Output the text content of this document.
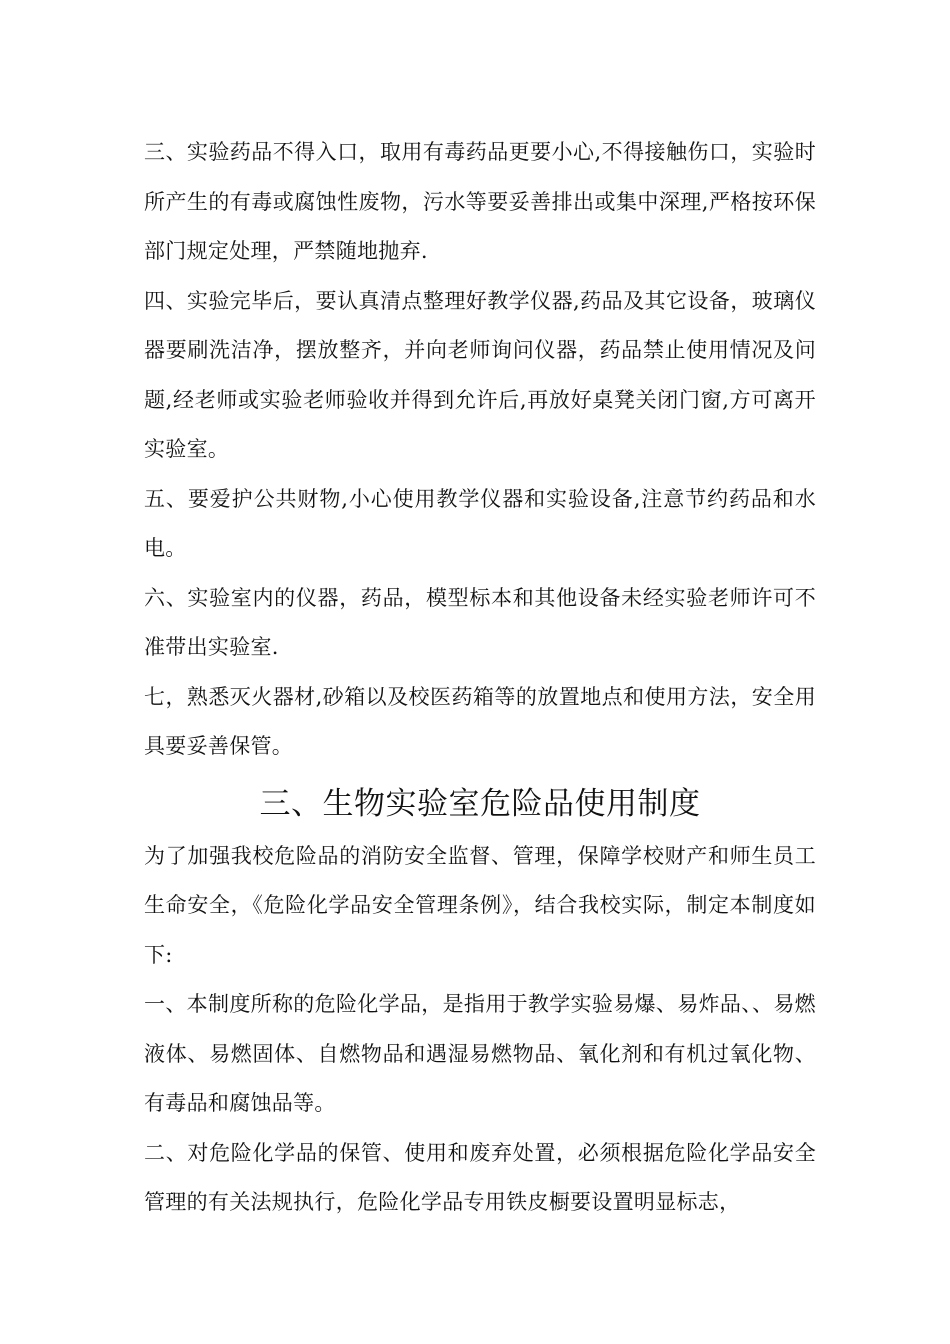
三、实验药品不得入口，取用有毒药品更要小心,不得接触伤口，实验时所产生的有毒或腐蚀性废物，污水等要妥善排出或集中深理,严格按环保部门规定处理，严禁随地抛弃.

四、实验完毕后，要认真清点整理好教学仪器,药品及其它设备，玻璃仪器要刷洗洁净，摆放整齐，并向老师询问仪器，药品禁止使用情况及问题,经老师或实验老师验收并得到允许后,再放好桌凳关闭门窗,方可离开实验室。

五、要爱护公共财物,小心使用教学仪器和实验设备,注意节约药品和水电。

六、实验室内的仪器，药品，模型标本和其他设备未经实验老师许可不准带出实验室.

七，熟悉灭火器材,砂箱以及校医药箱等的放置地点和使用方法，安全用具要妥善保管。

三、生物实验室危险品使用制度

为了加强我校危险品的消防安全监督、管理，保障学校财产和师生员工生命安全，《危险化学品安全管理条例》，结合我校实际，制定本制度如下:

一、本制度所称的危险化学品，是指用于教学实验易爆、易炸品、、易燃液体、易燃固体、自燃物品和遇湿易燃物品、氧化剂和有机过氧化物、有毒品和腐蚀品等。

二、对危险化学品的保管、使用和废弃处置，必须根据危险化学品安全管理的有关法规执行，危险化学品专用铁皮橱要设置明显标志，
